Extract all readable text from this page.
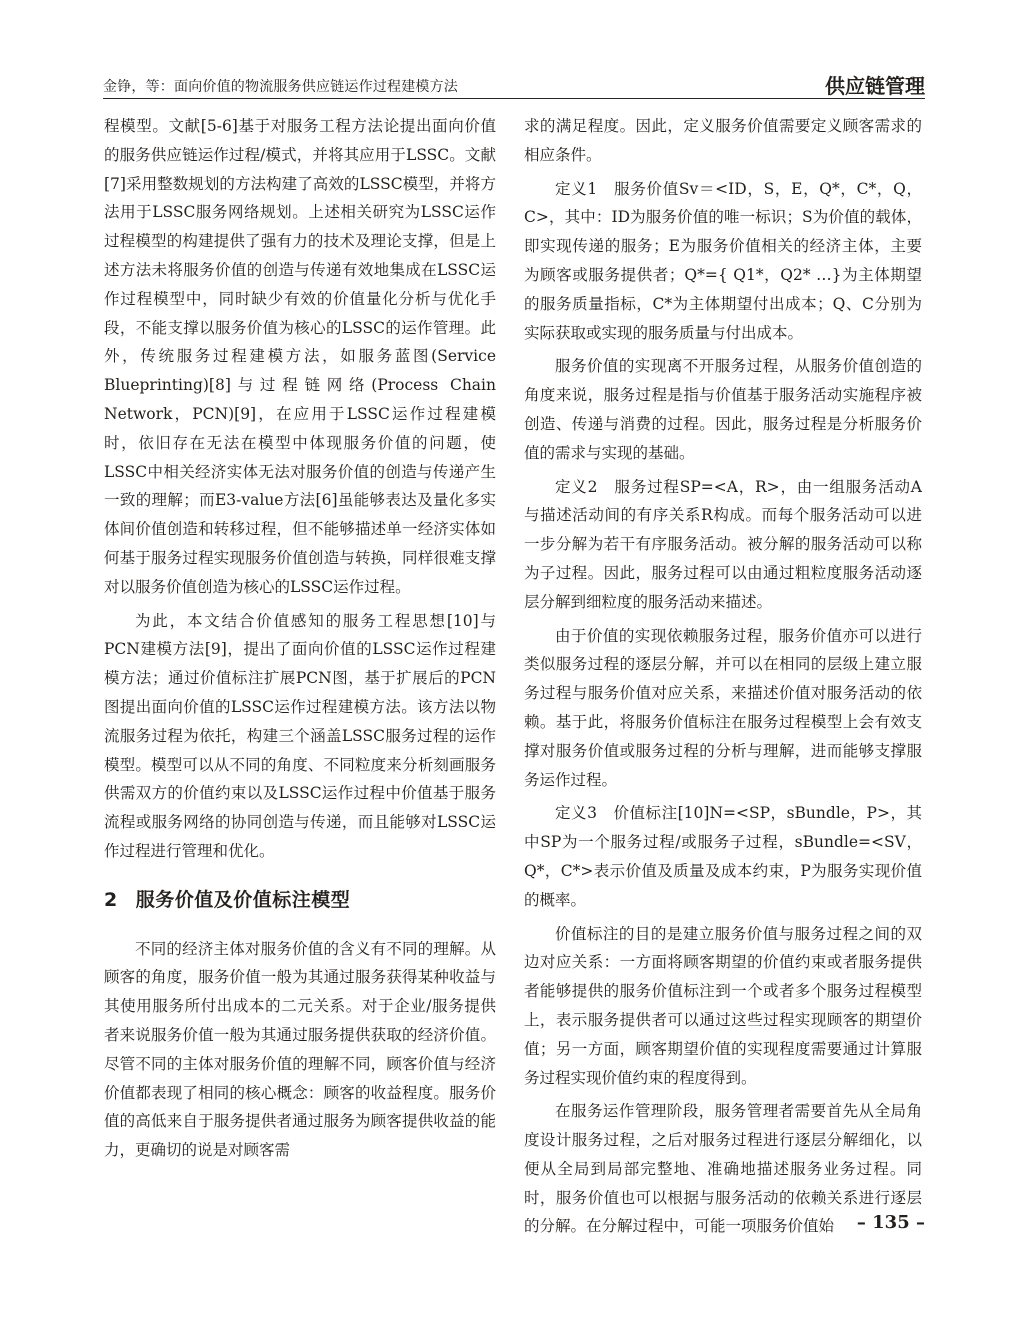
金铮，等：面向价值的物流服务供应链运作过程建模方法	供应链管理

程模型。文献[5-6]基于对服务工程方法论提出面向价值的服务供应链运作过程/模式，并将其应用于LSSC。文献[7]采用整数规划的方法构建了高效的LSSC模型，并将方法用于LSSC服务网络规划。上述相关研究为LSSC运作过程模型的构建提供了强有力的技术及理论支撑，但是上述方法未将服务价值的创造与传递有效地集成在LSSC运作过程模型中，同时缺少有效的价值量化分析与优化手段，不能支撑以服务价值为核心的LSSC的运作管理。此外，传统服务过程建模方法，如服务蓝图(Service Blueprinting)[8]与过程链网络(Process Chain Network，PCN)[9]，在应用于LSSC运作过程建模时，依旧存在无法在模型中体现服务价值的问题，使LSSC中相关经济实体无法对服务价值的创造与传递产生一致的理解；而E3-value方法[6]虽能够表达及量化多实体间价值创造和转移过程，但不能够描述单一经济实体如何基于服务过程实现服务价值创造与转换，同样很难支撑对以服务价值创造为核心的LSSC运作过程。

为此，本文结合价值感知的服务工程思想[10]与PCN建模方法[9]，提出了面向价值的LSSC运作过程建模方法；通过价值标注扩展PCN图，基于扩展后的PCN图提出面向价值的LSSC运作过程建模方法。该方法以物流服务过程为依托，构建三个涵盖LSSC服务过程的运作模型。模型可以从不同的角度、不同粒度来分析刻画服务供需双方的价值约束以及LSSC运作过程中价值基于服务流程或服务网络的协同创造与传递，而且能够对LSSC运作过程进行管理和优化。

2 服务价值及价值标注模型

不同的经济主体对服务价值的含义有不同的理解。从顾客的角度，服务价值一般为其通过服务获得某种收益与其使用服务所付出成本的二元关系。对于企业/服务提供者来说服务价值一般为其通过服务提供获取的经济价值。尽管不同的主体对服务价值的理解不同，顾客价值与经济价值都表现了相同的核心概念：顾客的收益程度。服务价值的高低来自于服务提供者通过服务为顾客提供收益的能力，更确切的说是对顾客需

求的满足程度。因此，定义服务价值需要定义顾客需求的相应条件。

定义1　服务价值Sv＝<ID，S，E，Q*，C*，Q，C>，其中：ID为服务价值的唯一标识；S为价值的载体，即实现传递的服务；E为服务价值相关的经济主体，主要为顾客或服务提供者；Q*={ Q1*，Q2* …}为主体期望的服务质量指标，C*为主体期望付出成本；Q、C分别为实际获取或实现的服务质量与付出成本。

服务价值的实现离不开服务过程，从服务价值创造的角度来说，服务过程是指与价值基于服务活动实施程序被创造、传递与消费的过程。因此，服务过程是分析服务价值的需求与实现的基础。

定义2　服务过程SP=<A，R>，由一组服务活动A与描述活动间的有序关系R构成。而每个服务活动可以进一步分解为若干有序服务活动。被分解的服务活动可以称为子过程。因此，服务过程可以由通过粗粒度服务活动逐层分解到细粒度的服务活动来描述。

由于价值的实现依赖服务过程，服务价值亦可以进行类似服务过程的逐层分解，并可以在相同的层级上建立服务过程与服务价值对应关系，来描述价值对服务活动的依赖。基于此，将服务价值标注在服务过程模型上会有效支撑对服务价值或服务过程的分析与理解，进而能够支撑服务运作过程。

定义3　价值标注[10]N=<SP，sBundle，P>，其中SP为一个服务过程/或服务子过程，sBundle=<SV，Q*，C*>表示价值及质量及成本约束，P为服务实现价值的概率。

价值标注的目的是建立服务价值与服务过程之间的双边对应关系：一方面将顾客期望的价值约束或者服务提供者能够提供的服务价值标注到一个或者多个服务过程模型上，表示服务提供者可以通过这些过程实现顾客的期望价值；另一方面，顾客期望价值的实现程度需要通过计算服务过程实现价值约束的程度得到。

在服务运作管理阶段，服务管理者需要首先从全局角度设计服务过程，之后对服务过程进行逐层分解细化，以便从全局到局部完整地、准确地描述服务业务过程。同时，服务价值也可以根据与服务活动的依赖关系进行逐层的分解。在分解过程中，可能一项服务价值始	– 135 –
